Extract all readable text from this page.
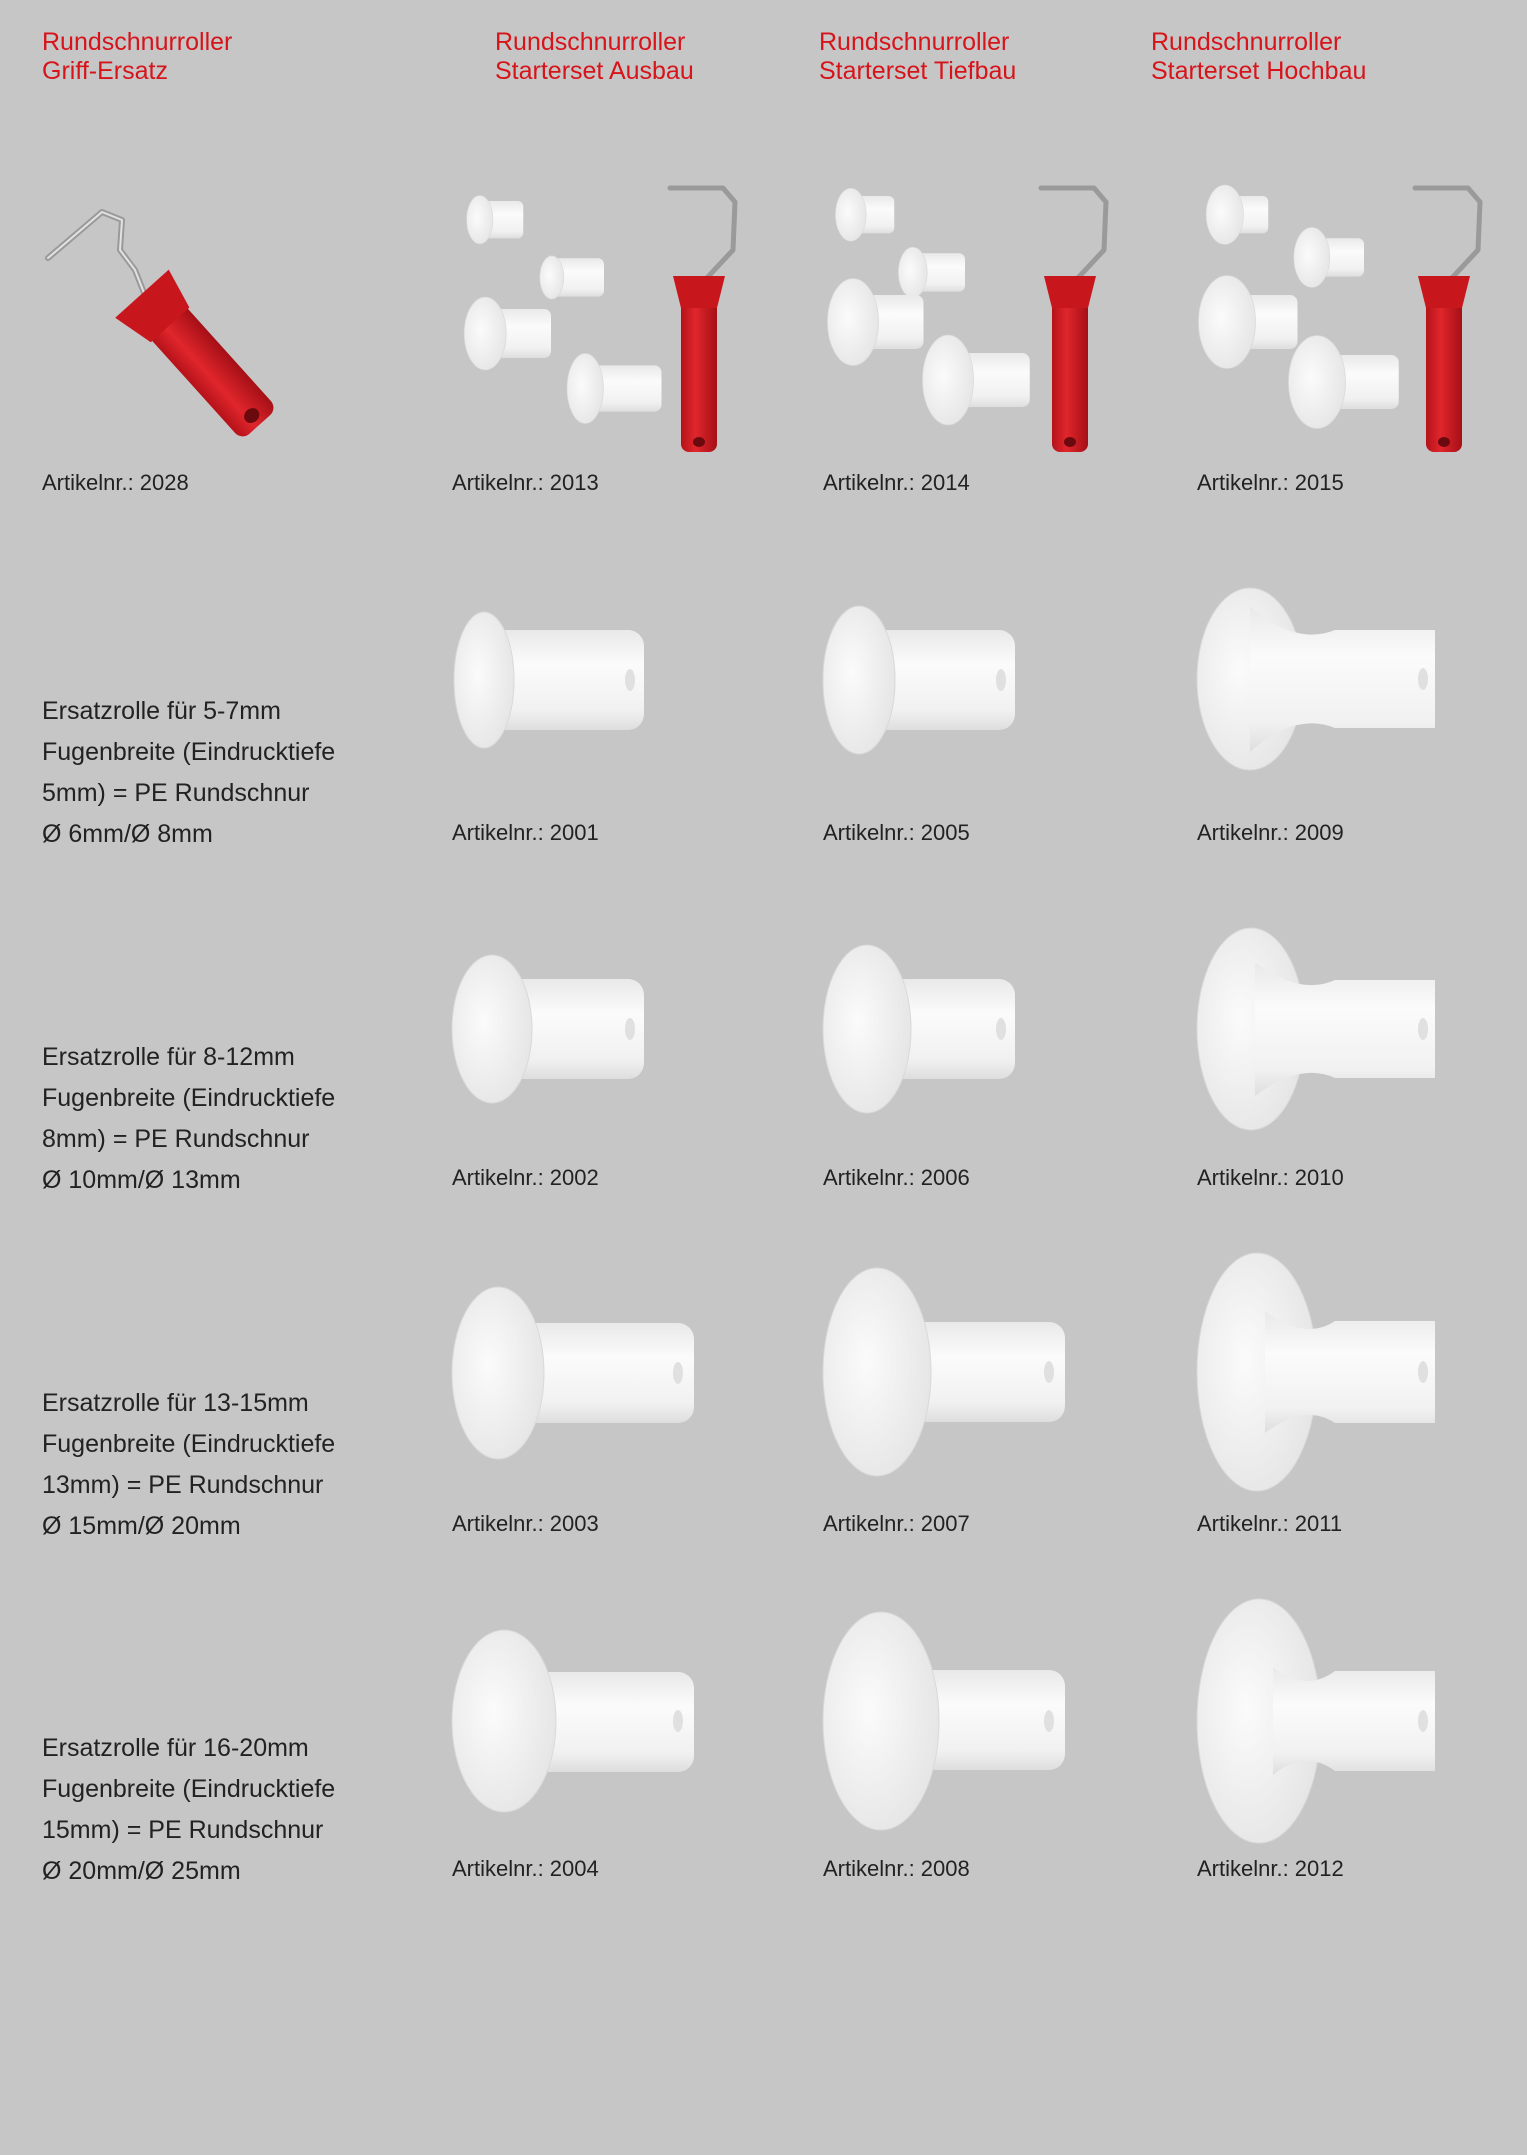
Rundschnurroller
Griff-Ersatz
Rundschnurroller
Starterset Ausbau
Rundschnurroller
Starterset Tiefbau
Rundschnurroller
Starterset Hochbau
Artikelnr.: 2028	Artikelnr.: 2013	Artikelnr.: 2014	Artikelnr.: 2015
Ersatzrolle für 5-7mm
Fugenbreite (Eindrucktiefe
5mm) = PE Rundschnur
Ø 6mm/Ø 8mm	Artikelnr.: 2001	Artikelnr.: 2005	Artikelnr.: 2009
Ersatzrolle für 8-12mm
Fugenbreite (Eindrucktiefe
8mm) = PE Rundschnur
Ø 10mm/Ø 13mm	Artikelnr.: 2002	Artikelnr.: 2006	Artikelnr.: 2010
Ersatzrolle für 13-15mm
Fugenbreite (Eindrucktiefe
13mm) = PE Rundschnur
Ø 15mm/Ø 20mm	Artikelnr.: 2003	Artikelnr.: 2007	Artikelnr.: 2011
Ersatzrolle für 16-20mm
Fugenbreite (Eindrucktiefe
15mm) = PE Rundschnur
Ø 20mm/Ø 25mm	Artikelnr.: 2004	Artikelnr.: 2008	Artikelnr.: 2012
